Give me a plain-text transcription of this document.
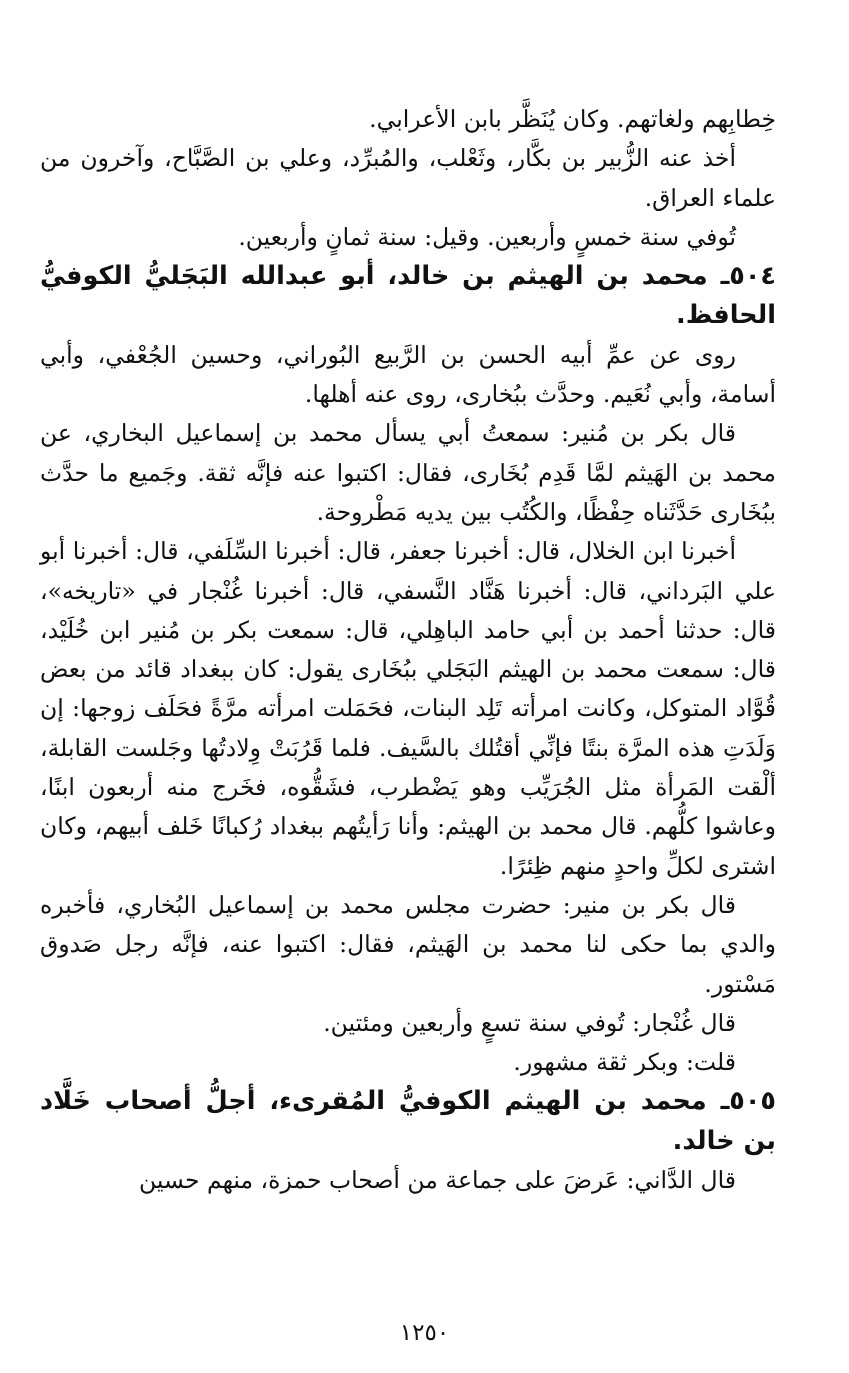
خِطابِهم ولغاتهم. وكان يُنَظَّر بابن الأعرابي.

أخذ عنه الزُّبير بن بكَّار، وثَعْلب، والمُبرِّد، وعلي بن الصَّبَّاح، وآخرون من علماء العراق.

تُوفي سنة خمسٍ وأربعين. وقيل: سنة ثمانٍ وأربعين.

٥٠٤ـ محمد بن الهيثم بن خالد، أبو عبدالله البَجَليُّ الكوفيُّ الحافظ.

روى عن عمِّ أبيه الحسن بن الرَّبيع البُوراني، وحسين الجُعْفي، وأبي أسامة، وأبي نُعَيم. وحدَّث ببُخارى، روى عنه أهلها.

قال بكر بن مُنير: سمعتُ أبي يسأل محمد بن إسماعيل البخاري، عن محمد بن الهَيثم لمَّا قَدِم بُخَارى، فقال: اكتبوا عنه فإنَّه ثقة. وجَميع ما حدَّث ببُخَارى حَدَّثَناه حِفْظًا، والكُتُب بين يديه مَطْروحة.

أخبرنا ابن الخلال، قال: أخبرنا جعفر، قال: أخبرنا السِّلَفي، قال: أخبرنا أبو علي البَرداني، قال: أخبرنا هَنَّاد النَّسفي، قال: أخبرنا غُنْجار في «تاريخه»، قال: حدثنا أحمد بن أبي حامد الباهِلي، قال: سمعت بكر بن مُنير ابن خُلَيْد، قال: سمعت محمد بن الهيثم البَجَلي ببُخَارى يقول: كان ببغداد قائد من بعض قُوَّاد المتوكل، وكانت امرأته تَلِد البنات، فحَمَلت امرأته مرَّةً فحَلَف زوجها: إن وَلَدَتِ هذه المرَّة بنتًا فإنِّي أقتُلك بالسَّيف. فلما قَرُبَتْ وِلادتُها وجَلست القابلة، ألْقت المَرأة مثل الجُرَيِّب وهو يَضْطرب، فشَقُّوه، فخَرج منه أربعون ابنًا، وعاشوا كلُّهم. قال محمد بن الهيثم: وأنا رَأيتُهم ببغداد رُكبانًا خَلف أبيهم، وكان اشترى لكلِّ واحدٍ منهم ظِئرًا.

قال بكر بن منير: حضرت مجلس محمد بن إسماعيل البُخاري، فأخبره والدي بما حكى لنا محمد بن الهَيثم، فقال: اكتبوا عنه، فإنَّه رجل صَدوق مَسْتور.

قال غُنْجار: تُوفي سنة تسعٍ وأربعين ومئتين.

قلت: وبكر ثقة مشهور.

٥٠٥ـ محمد بن الهيثم الكوفيُّ المُقرىء، أجلُّ أصحاب خَلَّاد بن خالد.

قال الدَّاني: عَرضَ على جماعة من أصحاب حمزة، منهم حسين

١٢٥٠
